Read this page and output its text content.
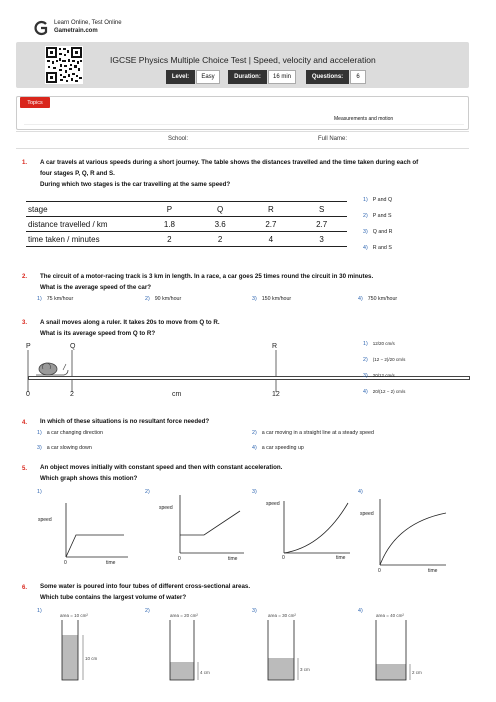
Learn Online, Test Online
Gametrain.com
IGCSE Physics Multiple Choice Test | Speed, velocity and acceleration
Level:	Easy	Duration:	16 min	Questions:	6
Topics
Measurements and motion
School:	Full Name:
1. A car travels at various speeds during a short journey. The table shows the distances travelled and the time taken during each of
four stages P, Q, R and S.
During which two stages is the car travelling at the same speed?
stage	P	Q	R	S
distance travelled / km	1.8	3.6	2.7	2.7
time taken / minutes	2	2	4	3
1) P and Q
2) P and S
3) Q and R
4) R and S
2. The circuit of a motor-racing track is 3 km in length. In a race, a car goes 25 times round the circuit in 30 minutes.
What is the average speed of the car?
1) 75 km/hour	2) 90 km/hour	3) 150 km/hour	4) 750 km/hour
3. A snail moves along a ruler. It takes 20s to move from Q to R.
What is its average speed from Q to R?
P	Q	R
0	2	cm	12
1) 12/20 cm/s
2) (12 − 2)/20 cm/s
3) 20/12 cm/s
4) 20/(12 − 2) cm/s
4. In which of these situations is no resultant force needed?
1) a car changing direction	2) a car moving in a straight line at a steady speed
3) a car slowing down	4) a car speeding up
5. An object moves initially with constant speed and then with constant acceleration.
Which graph shows this motion?
1)	2)	3)	4)
speed
0	time
speed
0	time
speed
0	time
speed
0	time
6. Some water is poured into four tubes of different cross-sectional areas.
Which tube contains the largest volume of water?
1)	2)	3)	4)
area = 10 cm²
10 cm
area = 20 cm²
4 cm
area = 30 cm²
3 cm
area = 40 cm²
2 cm
